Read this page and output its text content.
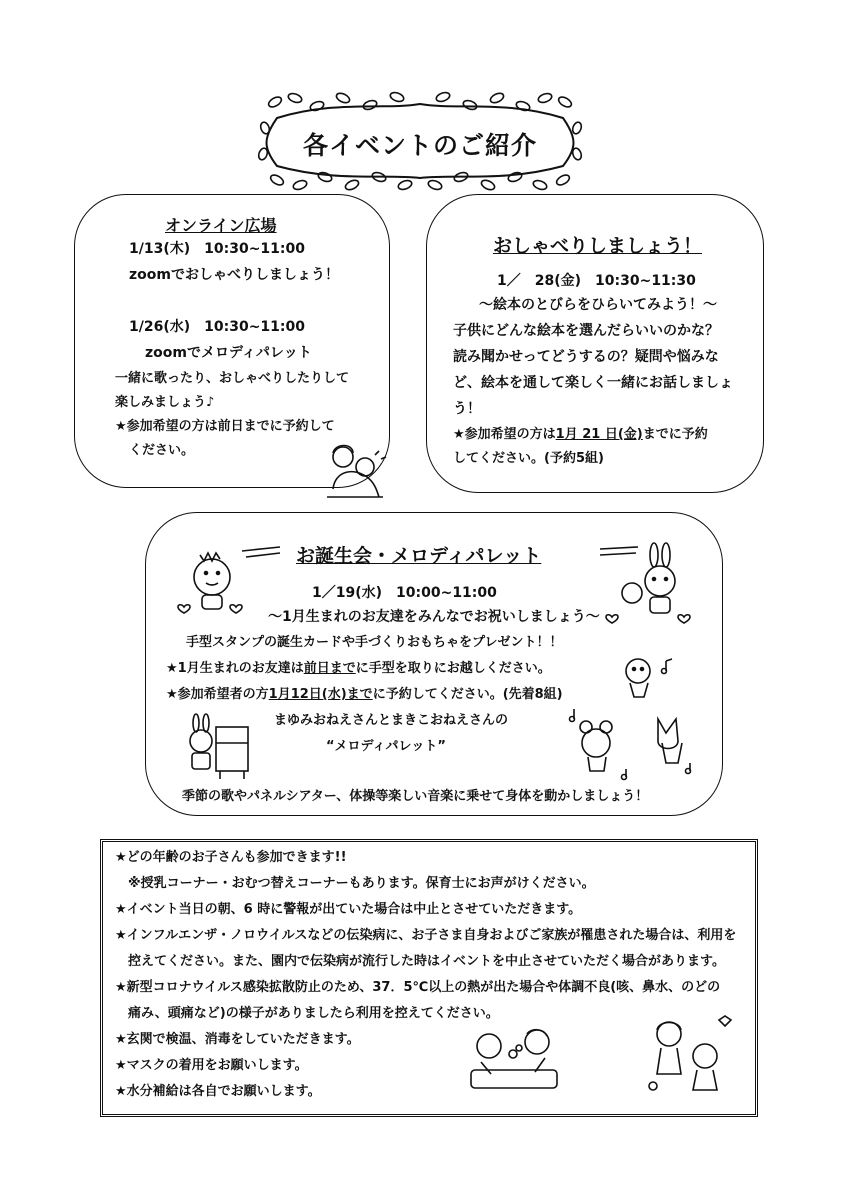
各イベントのご紹介
オンライン広場
1/13(木)　10:30~11:00
zoomでおしゃべりしましょう！
1/26(水)　10:30~11:00
zoomでメロディパレット
一緒に歌ったり、おしゃべりしたりして
楽しみましょう♪
★参加希望の方は前日までに予約して
ください。
おしゃべりしましょう！
1／　28(金)　10:30~11:30
～絵本のとびらをひらいてみよう！～
子供にどんな絵本を選んだらいいのかな？
読み聞かせってどうするの？疑問や悩みな
ど、絵本を通して楽しく一緒にお話しましょ
う！
★参加希望の方は1月 21 日(金)までに予約
してください。(予約5組)
お誕生会・メロディパレット
1／19(水)　10:00~11:00
～1月生まれのお友達をみんなでお祝いしましょう～
手型スタンプの誕生カードや手づくりおもちゃをプレゼント！！
★1月生まれのお友達は前日までに手型を取りにお越しください。
★参加希望者の方1月12日(水)までに予約してください。(先着8組)
まゆみおねえさんとまきこおねえさんの
“メロディパレット”
季節の歌やパネルシアター、体操等楽しい音楽に乗せて身体を動かしましょう！
★どの年齢のお子さんも参加できます!!
　※授乳コーナー・おむつ替えコーナーもあります。保育士にお声がけください。
★イベント当日の朝、6 時に警報が出ていた場合は中止とさせていただきます。
★インフルエンザ・ノロウイルスなどの伝染病に、お子さま自身およびご家族が罹患された場合は、利用を
　控えてください。また、園内で伝染病が流行した時はイベントを中止させていただく場合があります。
★新型コロナウイルス感染拡散防止のため、37．5℃以上の熱が出た場合や体調不良(咳、鼻水、のどの
　痛み、頭痛など)の様子がありましたら利用を控えてください。
★玄関で検温、消毒をしていただきます。
★マスクの着用をお願いします。
★水分補給は各自でお願いします。
